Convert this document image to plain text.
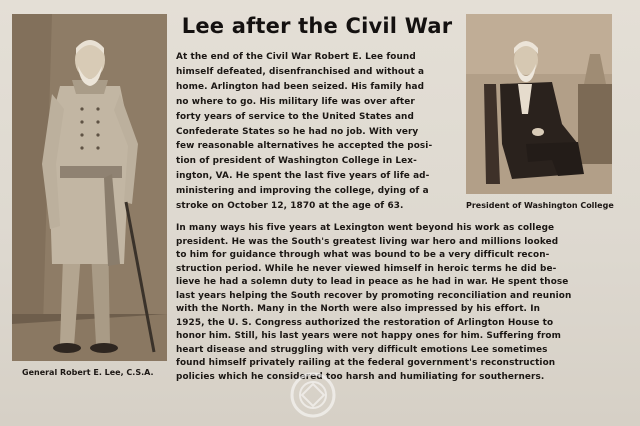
General Robert E. Lee, C.S.A.
President of Washington College
Lee after the Civil War
At the end of the Civil War Robert E. Lee found
himself defeated, disenfranchised and without a
home. Arlington had been seized. His family had
no where to go. His military life was over after
forty years of service to the United States and
Confederate States so he had no job. With very
few reasonable alternatives he accepted the posi-
tion of president of Washington College in Lex-
ington, VA. He spent the last five years of life ad-
ministering and improving the college, dying of a
stroke on October 12, 1870 at the age of 63.
In many ways his five years at Lexington went beyond his work as college
president. He was the South's greatest living war hero and millions looked
to him for guidance through what was bound to be a very difficult recon-
struction period. While he never viewed himself in heroic terms he did be-
lieve he had a solemn duty to lead in peace as he had in war. He spent those
last years helping the South recover by promoting reconciliation and reunion
with the North. Many in the North were also impressed by his effort. In
1925, the U. S. Congress authorized the restoration of Arlington House to
honor him. Still, his last years were not happy ones for him. Suffering from
heart disease and struggling with very difficult emotions Lee sometimes
found himself privately railing at the federal government's reconstruction
policies which he considered too harsh and humiliating for southerners.
